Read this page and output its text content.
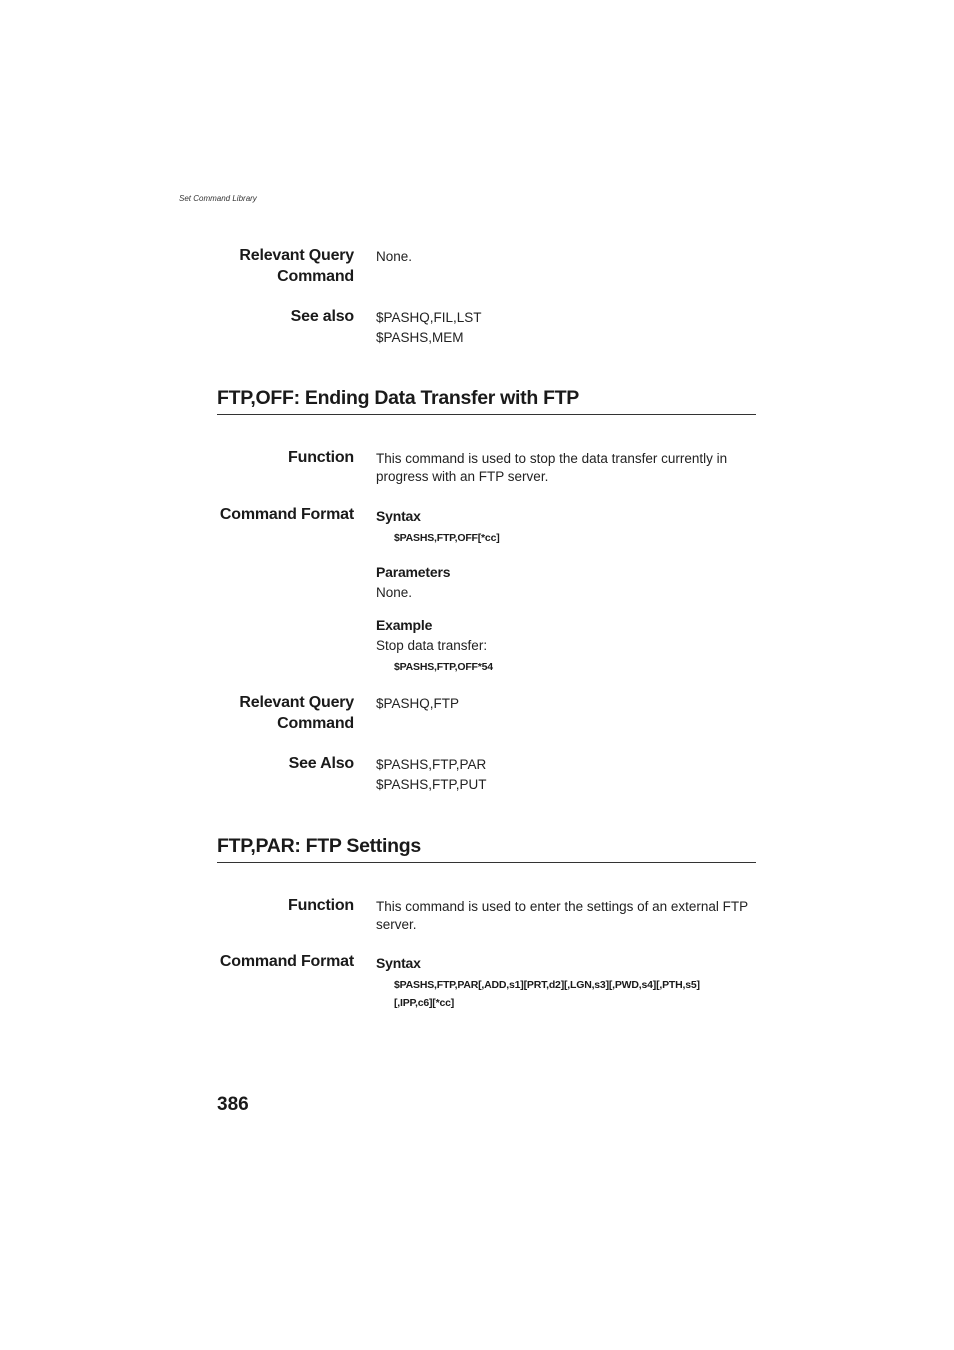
Set Command Library
Relevant Query
Command
None.
See also $PASHQ,FIL,LST
$PASHS,MEM
FTP,OFF: Ending Data Transfer with FTP
Function This command is used to stop the data transfer currently in
progress with an FTP server.
Command Format Syntax
$PASHS,FTP,OFF[*cc]
Parameters
None.
Example
Stop data transfer:
$PASHS,FTP,OFF*54
Relevant Query
Command
$PASHQ,FTP
See Also $PASHS,FTP,PAR
$PASHS,FTP,PUT
FTP,PAR: FTP Settings
Function This command is used to enter the settings of an external FTP
server.
Command Format Syntax
$PASHS,FTP,PAR[,ADD,s1][PRT,d2][,LGN,s3][,PWD,s4][,PTH,s5]
[,IPP,c6][*cc]
386
